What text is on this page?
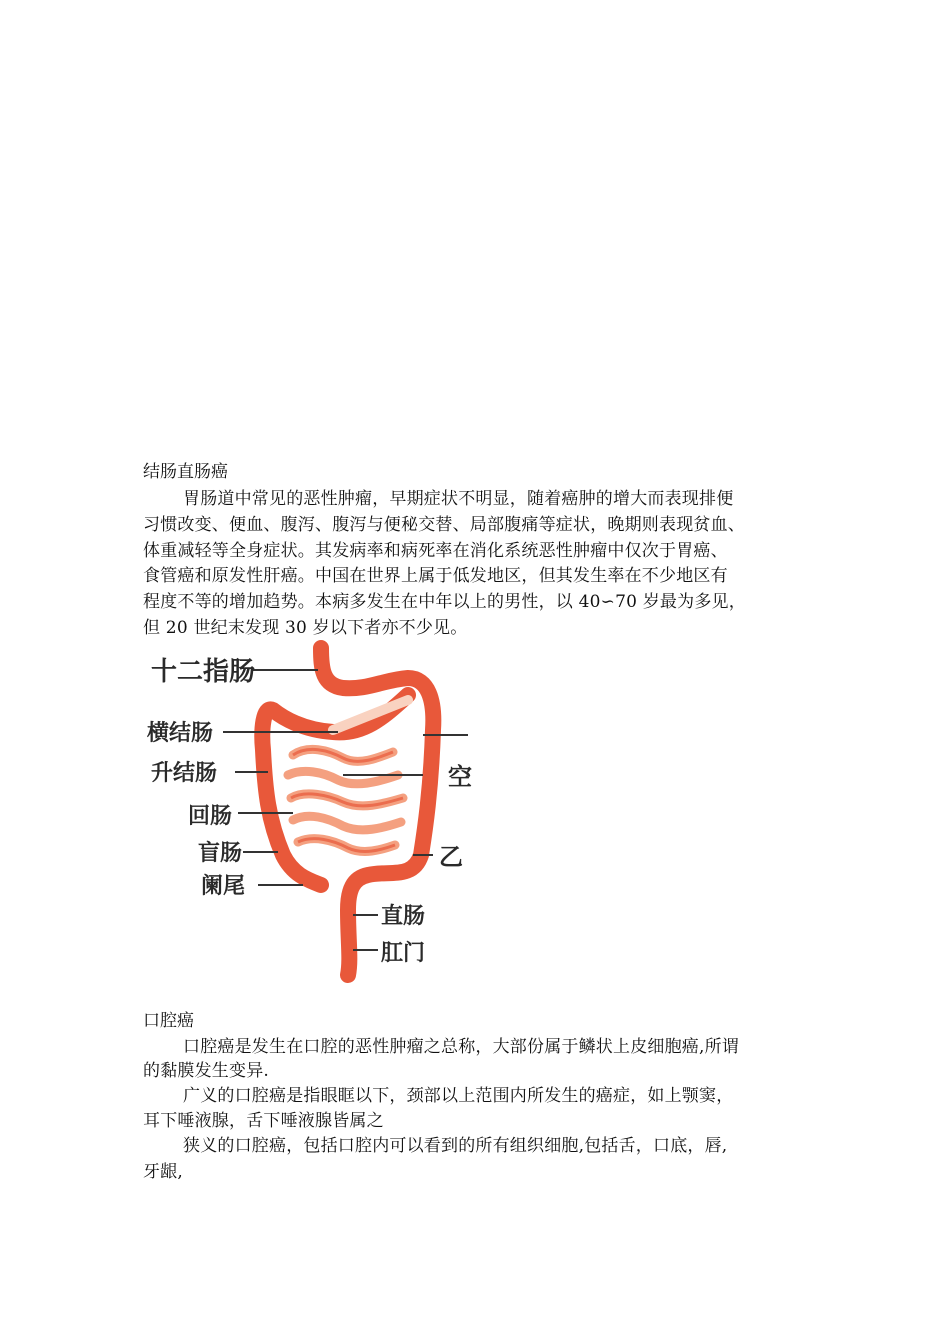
结肠直肠癌
胃肠道中常见的恶性肿瘤，早期症状不明显，随着癌肿的增大而表现排便
习惯改变、便血、腹泻、腹泻与便秘交替、局部腹痛等症状，晚期则表现贫血、
体重减轻等全身症状。其发病率和病死率在消化系统恶性肿瘤中仅次于胃癌、
食管癌和原发性肝癌。中国在世界上属于低发地区，但其发生率在不少地区有
程度不等的增加趋势。本病多发生在中年以上的男性，以 40∽70 岁最为多见，
但 20 世纪末发现 30 岁以下者亦不少见。
十二指肠
横结肠
升结肠
回肠
盲肠
阑尾
空
乙
直肠
肛门
口腔癌
口腔癌是发生在口腔的恶性肿瘤之总称，大部份属于鳞状上皮细胞癌,所谓
的黏膜发生变异.
广义的口腔癌是指眼眶以下，颈部以上范围内所发生的癌症，如上颚窦，
耳下唾液腺，舌下唾液腺皆属之
狭义的口腔癌，包括口腔内可以看到的所有组织细胞,包括舌，口底，唇,
牙龈,
